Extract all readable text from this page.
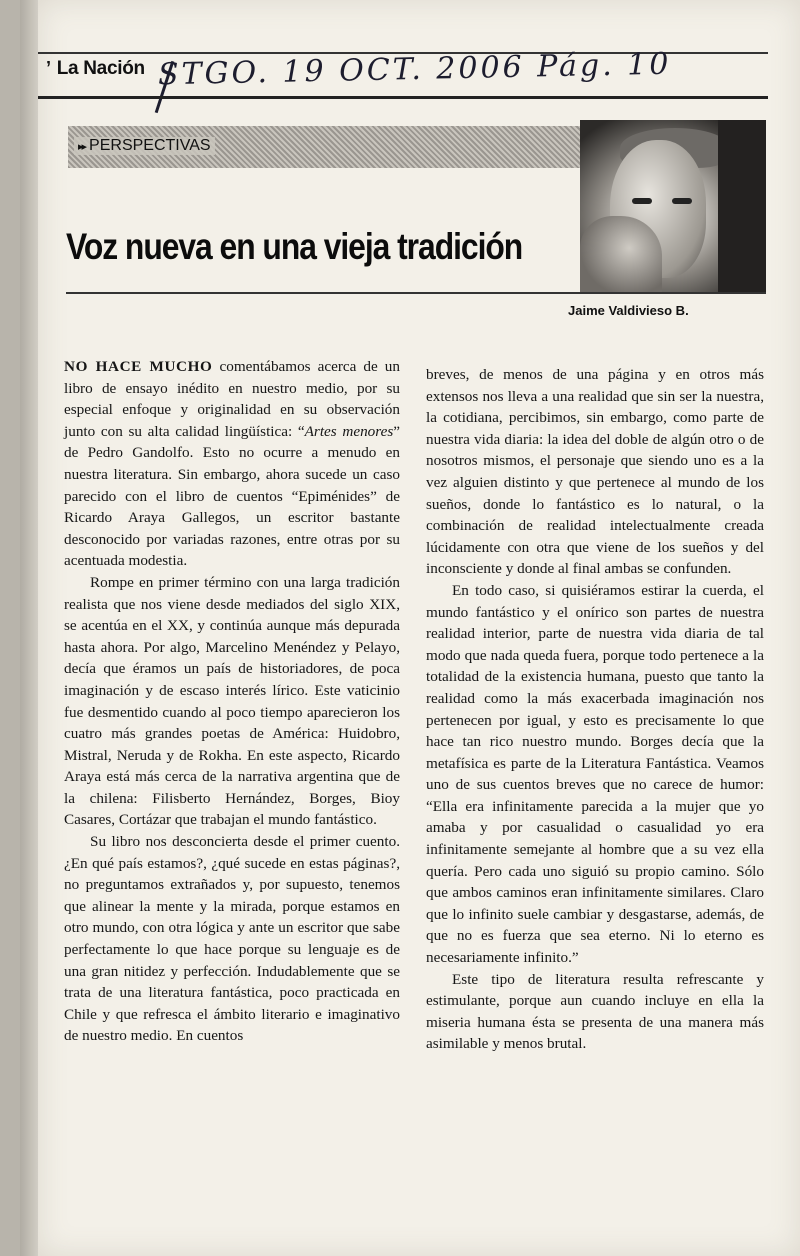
’ La Nación STGO. 19 OCT. 2006 Pág. 10
▸▸ PERSPECTIVAS
Voz nueva en una vieja tradición
Jaime Valdivieso B.

NO HACE MUCHO comentábamos acerca de un libro de ensayo inédito en nuestro medio, por su especial enfoque y originalidad en su observación junto con su alta calidad lingüística: “Artes menores” de Pedro Gandolfo. Esto no ocurre a menudo en nuestra literatura. Sin embargo, ahora sucede un caso parecido con el libro de cuentos “Epiménides” de Ricardo Araya Gallegos, un escritor bastante desconocido por variadas razones, entre otras por su acentuada modestia.

Rompe en primer término con una larga tradición realista que nos viene desde mediados del siglo XIX, se acentúa en el XX, y continúa aunque más depurada hasta ahora. Por algo, Marcelino Menéndez y Pelayo, decía que éramos un país de historiadores, de poca imaginación y de escaso interés lírico. Este vaticinio fue desmentido cuando al poco tiempo aparecieron los cuatro más grandes poetas de América: Huidobro, Mistral, Neruda y de Rokha. En este aspecto, Ricardo Araya está más cerca de la narrativa argentina que de la chilena: Filisberto Hernández, Borges, Bioy Casares, Cortázar que trabajan el mundo fantástico.

Su libro nos desconcierta desde el primer cuento. ¿En qué país estamos?, ¿qué sucede en estas páginas?, no preguntamos extrañados y, por supuesto, tenemos que alinear la mente y la mirada, porque estamos en otro mundo, con otra lógica y ante un escritor que sabe perfectamente lo que hace porque su lenguaje es de una gran nitidez y perfección. Indudablemente que se trata de una literatura fantástica, poco practicada en Chile y que refresca el ámbito literario e imaginativo de nuestro medio. En cuentos

breves, de menos de una página y en otros más extensos nos lleva a una realidad que sin ser la nuestra, la cotidiana, percibimos, sin embargo, como parte de nuestra vida diaria: la idea del doble de algún otro o de nosotros mismos, el personaje que siendo uno es a la vez alguien distinto y que pertenece al mundo de los sueños, donde lo fantástico es lo natural, o la combinación de realidad intelectualmente creada lúcidamente con otra que viene de los sueños y del inconsciente y donde al final ambas se confunden.

En todo caso, si quisiéramos estirar la cuerda, el mundo fantástico y el onírico son partes de nuestra realidad interior, parte de nuestra vida diaria de tal modo que nada queda fuera, porque todo pertenece a la totalidad de la existencia humana, puesto que tanto la realidad como la más exacerbada imaginación nos pertenecen por igual, y esto es precisamente lo que hace tan rico nuestro mundo. Borges decía que la metafísica es parte de la Literatura Fantástica. Veamos uno de sus cuentos breves que no carece de humor: “Ella era infinitamente parecida a la mujer que yo amaba y por casualidad o casualidad yo era infinitamente semejante al hombre que a su vez ella quería. Pero cada uno siguió su propio camino. Sólo que ambos caminos eran infinitamente similares. Claro que lo infinito suele cambiar y desgastarse, además, de que no es fuerza que sea eterno. Ni lo eterno es necesariamente infinito.”

Este tipo de literatura resulta refrescante y estimulante, porque aun cuando incluye en ella la miseria humana ésta se presenta de una manera más asimilable y menos brutal.
